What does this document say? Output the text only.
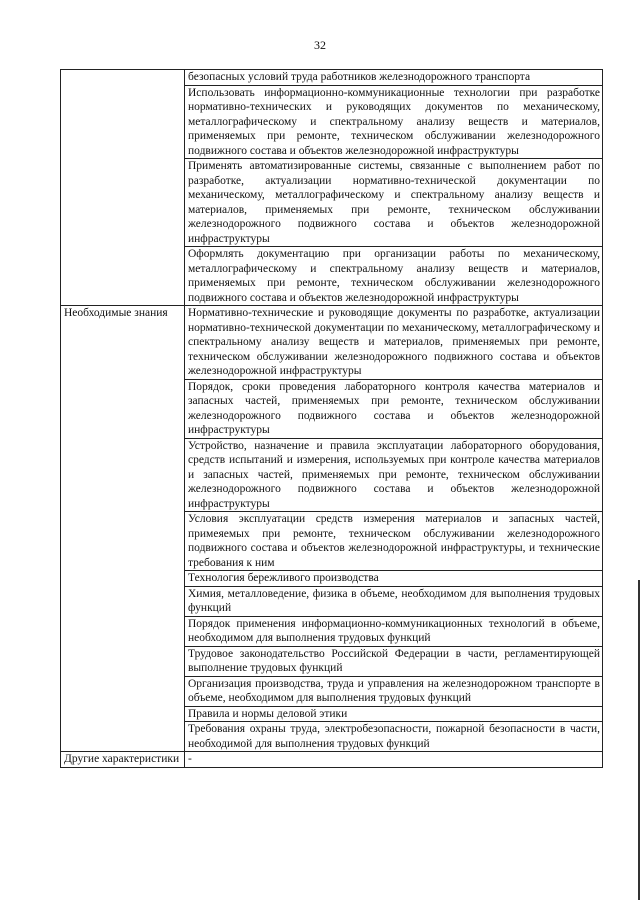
32
	безопасных условий труда работников железнодорожного транспорта
	Использовать информационно-коммуникационные технологии при разработке нормативно-технических и руководящих документов по механическому, металлографическому и спектральному анализу веществ и материалов, применяемых при ремонте, техническом обслуживании железнодорожного подвижного состава и объектов железнодорожной инфраструктуры
	Применять автоматизированные системы, связанные с выполнением работ по разработке, актуализации нормативно-технической документации по механическому, металлографическому и спектральному анализу веществ и материалов, применяемых при ремонте, техническом обслуживании железнодорожного подвижного состава и объектов железнодорожной инфраструктуры
	Оформлять документацию при организации работы по механическому, металлографическому и спектральному анализу веществ и материалов, применяемых при ремонте, техническом обслуживании железнодорожного подвижного состава и объектов железнодорожной инфраструктуры
Необходимые знания	Нормативно-технические и руководящие документы по разработке, актуализации нормативно-технической документации по механическому, металлографическому и спектральному анализу веществ и материалов, применяемых при ремонте, техническом обслуживании железнодорожного подвижного состава и объектов железнодорожной инфраструктуры
	Порядок, сроки проведения лабораторного контроля качества материалов и запасных частей, применяемых при ремонте, техническом обслуживании железнодорожного подвижного состава и объектов железнодорожной инфраструктуры
	Устройство, назначение и правила эксплуатации лабораторного оборудования, средств испытаний и измерения, используемых при контроле качества материалов и запасных частей, применяемых при ремонте, техническом обслуживании железнодорожного подвижного состава и объектов железнодорожной инфраструктуры
	Условия эксплуатации средств измерения материалов и запасных частей, примеяемых при ремонте, техническом обслуживании железнодорожного подвижного состава и объектов железнодорожной инфраструктуры, и технические требования к ним
	Технология бережливого производства
	Химия, металловедение, физика в объеме, необходимом для выполнения трудовых функций
	Порядок применения информационно-коммуникационных технологий в объеме, необходимом для выполнения трудовых функций
	Трудовое законодательство Российской Федерации в части, регламентирующей выполнение трудовых функций
	Организация производства, труда и управления на железнодорожном транспорте в объеме, необходимом для выполнения трудовых функций
	Правила и нормы деловой этики
	Требования охраны труда, электробезопасности, пожарной безопасности в части, необходимой для выполнения трудовых функций
Другие характеристики	-
